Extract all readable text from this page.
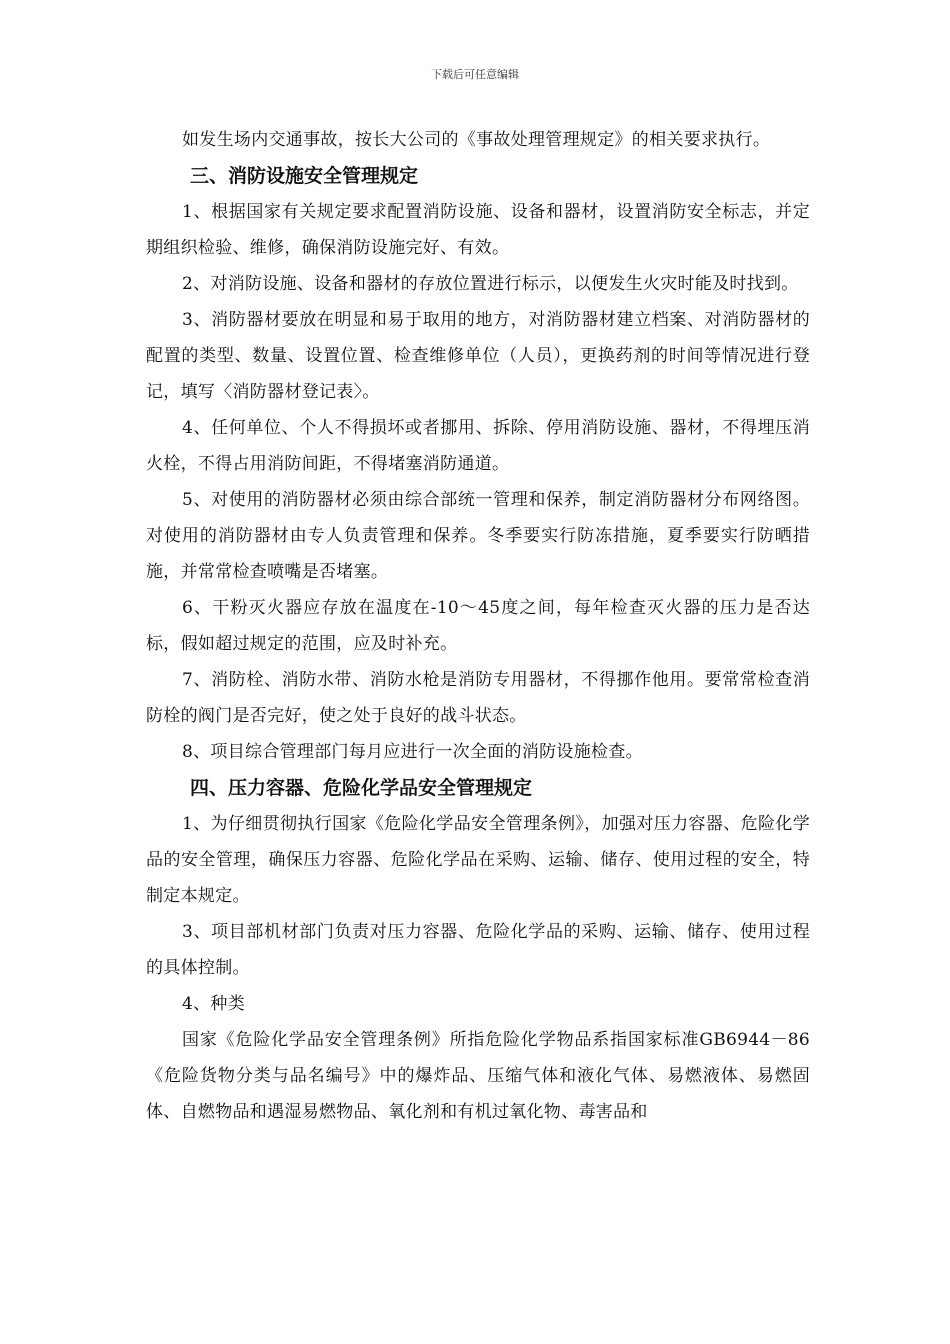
下载后可任意编辑

如发生场内交通事故，按长大公司的《事故处理管理规定》的相关要求执行。

三、消防设施安全管理规定

1、根据国家有关规定要求配置消防设施、设备和器材，设置消防安全标志，并定期组织检验、维修，确保消防设施完好、有效。

2、对消防设施、设备和器材的存放位置进行标示，以便发生火灾时能及时找到。

3、消防器材要放在明显和易于取用的地方，对消防器材建立档案、对消防器材的配置的类型、数量、设置位置、检查维修单位（人员），更换药剂的时间等情况进行登记，填写〈消防器材登记表〉。

4、任何单位、个人不得损坏或者挪用、拆除、停用消防设施、器材，不得埋压消火栓，不得占用消防间距，不得堵塞消防通道。

5、对使用的消防器材必须由综合部统一管理和保养，制定消防器材分布网络图。对使用的消防器材由专人负责管理和保养。冬季要实行防冻措施，夏季要实行防晒措施，并常常检查喷嘴是否堵塞。

6、干粉灭火器应存放在温度在-10～45度之间，每年检查灭火器的压力是否达标，假如超过规定的范围，应及时补充。

7、消防栓、消防水带、消防水枪是消防专用器材，不得挪作他用。要常常检查消防栓的阀门是否完好，使之处于良好的战斗状态。

8、项目综合管理部门每月应进行一次全面的消防设施检查。

四、压力容器、危险化学品安全管理规定

1、为仔细贯彻执行国家《危险化学品安全管理条例》，加强对压力容器、危险化学品的安全管理，确保压力容器、危险化学品在采购、运输、储存、使用过程的安全，特制定本规定。

3、项目部机材部门负责对压力容器、危险化学品的采购、运输、储存、使用过程的具体控制。

4、种类

国家《危险化学品安全管理条例》所指危险化学物品系指国家标准GB6944－86《危险货物分类与品名编号》中的爆炸品、压缩气体和液化气体、易燃液体、易燃固体、自燃物品和遇湿易燃物品、氧化剂和有机过氧化物、毒害品和
